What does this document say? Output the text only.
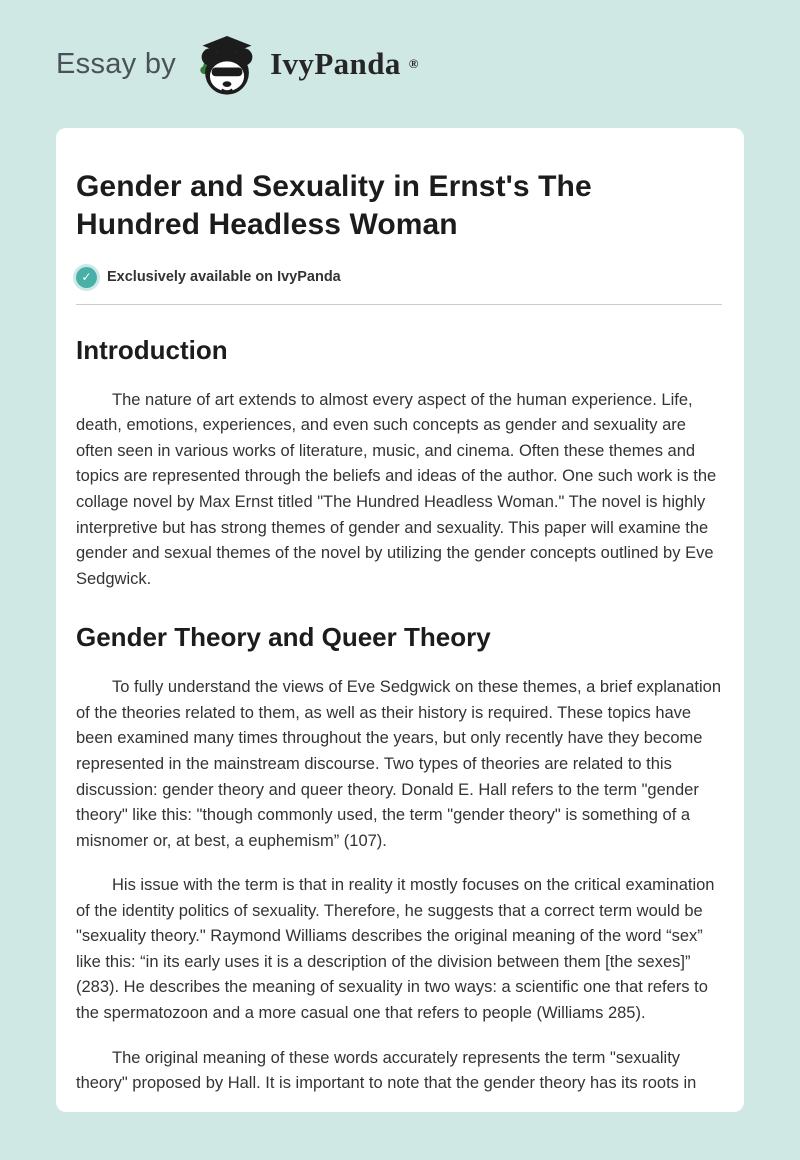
Essay by	IvyPanda ®
Gender and Sexuality in Ernst's The Hundred Headless Woman
✓	Exclusively available on IvyPanda
Introduction

The nature of art extends to almost every aspect of the human experience. Life, death, emotions, experiences, and even such concepts as gender and sexuality are often seen in various works of literature, music, and cinema. Often these themes and topics are represented through the beliefs and ideas of the author. One such work is the collage novel by Max Ernst titled "The Hundred Headless Woman." The novel is highly interpretive but has strong themes of gender and sexuality. This paper will examine the gender and sexual themes of the novel by utilizing the gender concepts outlined by Eve Sedgwick.

Gender Theory and Queer Theory

To fully understand the views of Eve Sedgwick on these themes, a brief explanation of the theories related to them, as well as their history is required. These topics have been examined many times throughout the years, but only recently have they become represented in the mainstream discourse. Two types of theories are related to this discussion: gender theory and queer theory. Donald E. Hall refers to the term "gender theory" like this: "though commonly used, the term "gender theory" is something of a misnomer or, at best, a euphemism” (107).

His issue with the term is that in reality it mostly focuses on the critical examination of the identity politics of sexuality. Therefore, he suggests that a correct term would be "sexuality theory." Raymond Williams describes the original meaning of the word “sex” like this: “in its early uses it is a description of the division between them [the sexes]” (283). He describes the meaning of sexuality in two ways: a scientific one that refers to the spermatozoon and a more casual one that refers to people (Williams 285).

The original meaning of these words accurately represents the term "sexuality theory" proposed by Hall. It is important to note that the gender theory has its roots in
